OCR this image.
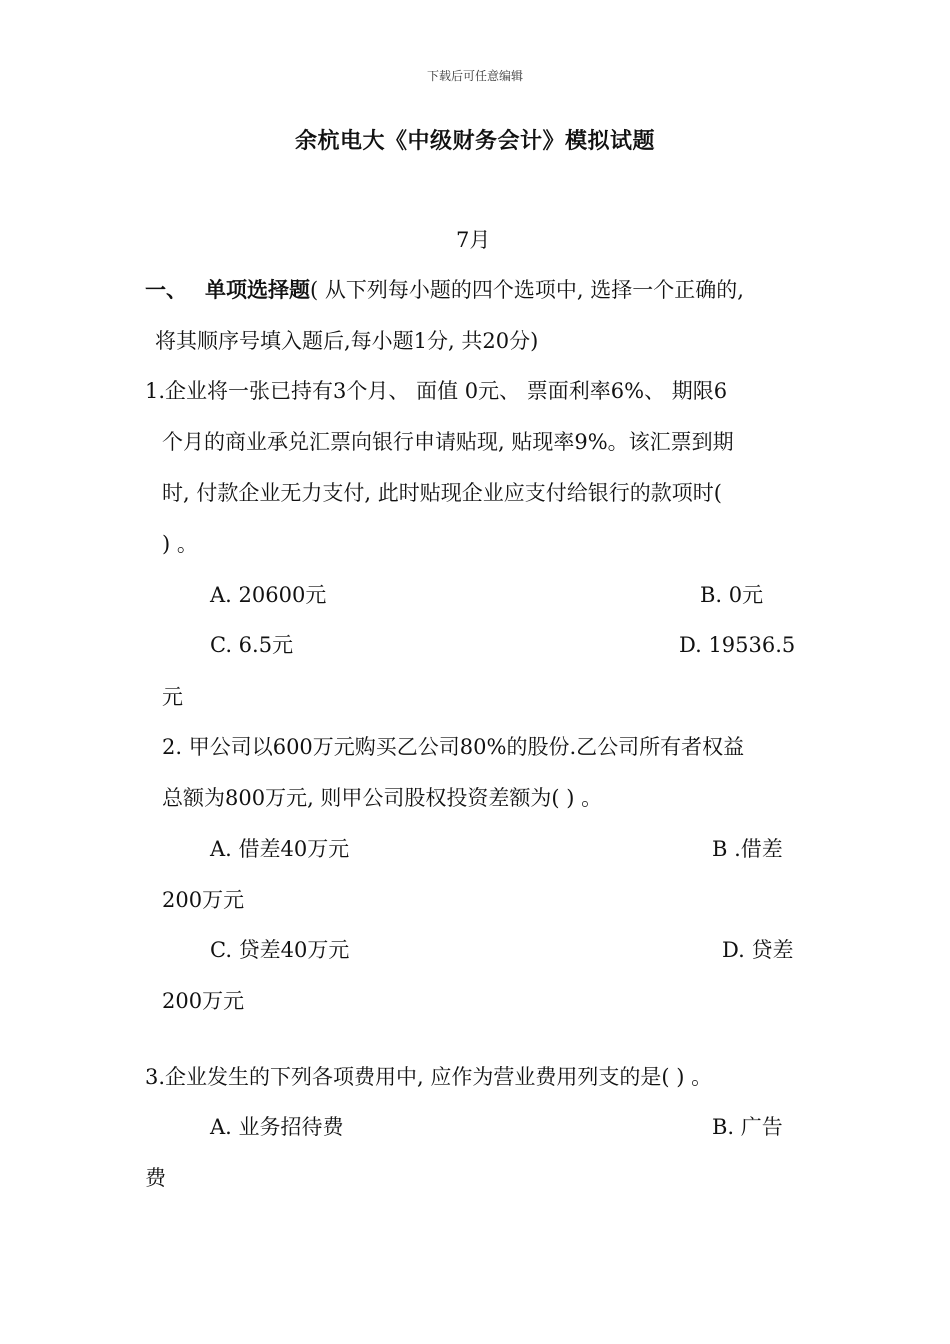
下载后可任意编辑
余杭电大《中级财务会计》模拟试题
7月
一、 单项选择题( 从下列每小题的四个选项中, 选择一个正确的,
将其顺序号填入题后,每小题1分, 共20分)
1.企业将一张已持有3个月、 面值 0元、 票面利率6%、 期限6
个月的商业承兑汇票向银行申请贴现, 贴现率9%。该汇票到期
时, 付款企业无力支付, 此时贴现企业应支付给银行的款项时(
) 。
A. 20600元	B. 0元
C. 6.5元	D. 19536.5
元
2. 甲公司以600万元购买乙公司80%的股份.乙公司所有者权益
总额为800万元, 则甲公司股权投资差额为( ) 。
A. 借差40万元	B .借差
200万元
C. 贷差40万元	D. 贷差
200万元
3.企业发生的下列各项费用中, 应作为营业费用列支的是( ) 。
A. 业务招待费	B. 广告
费
